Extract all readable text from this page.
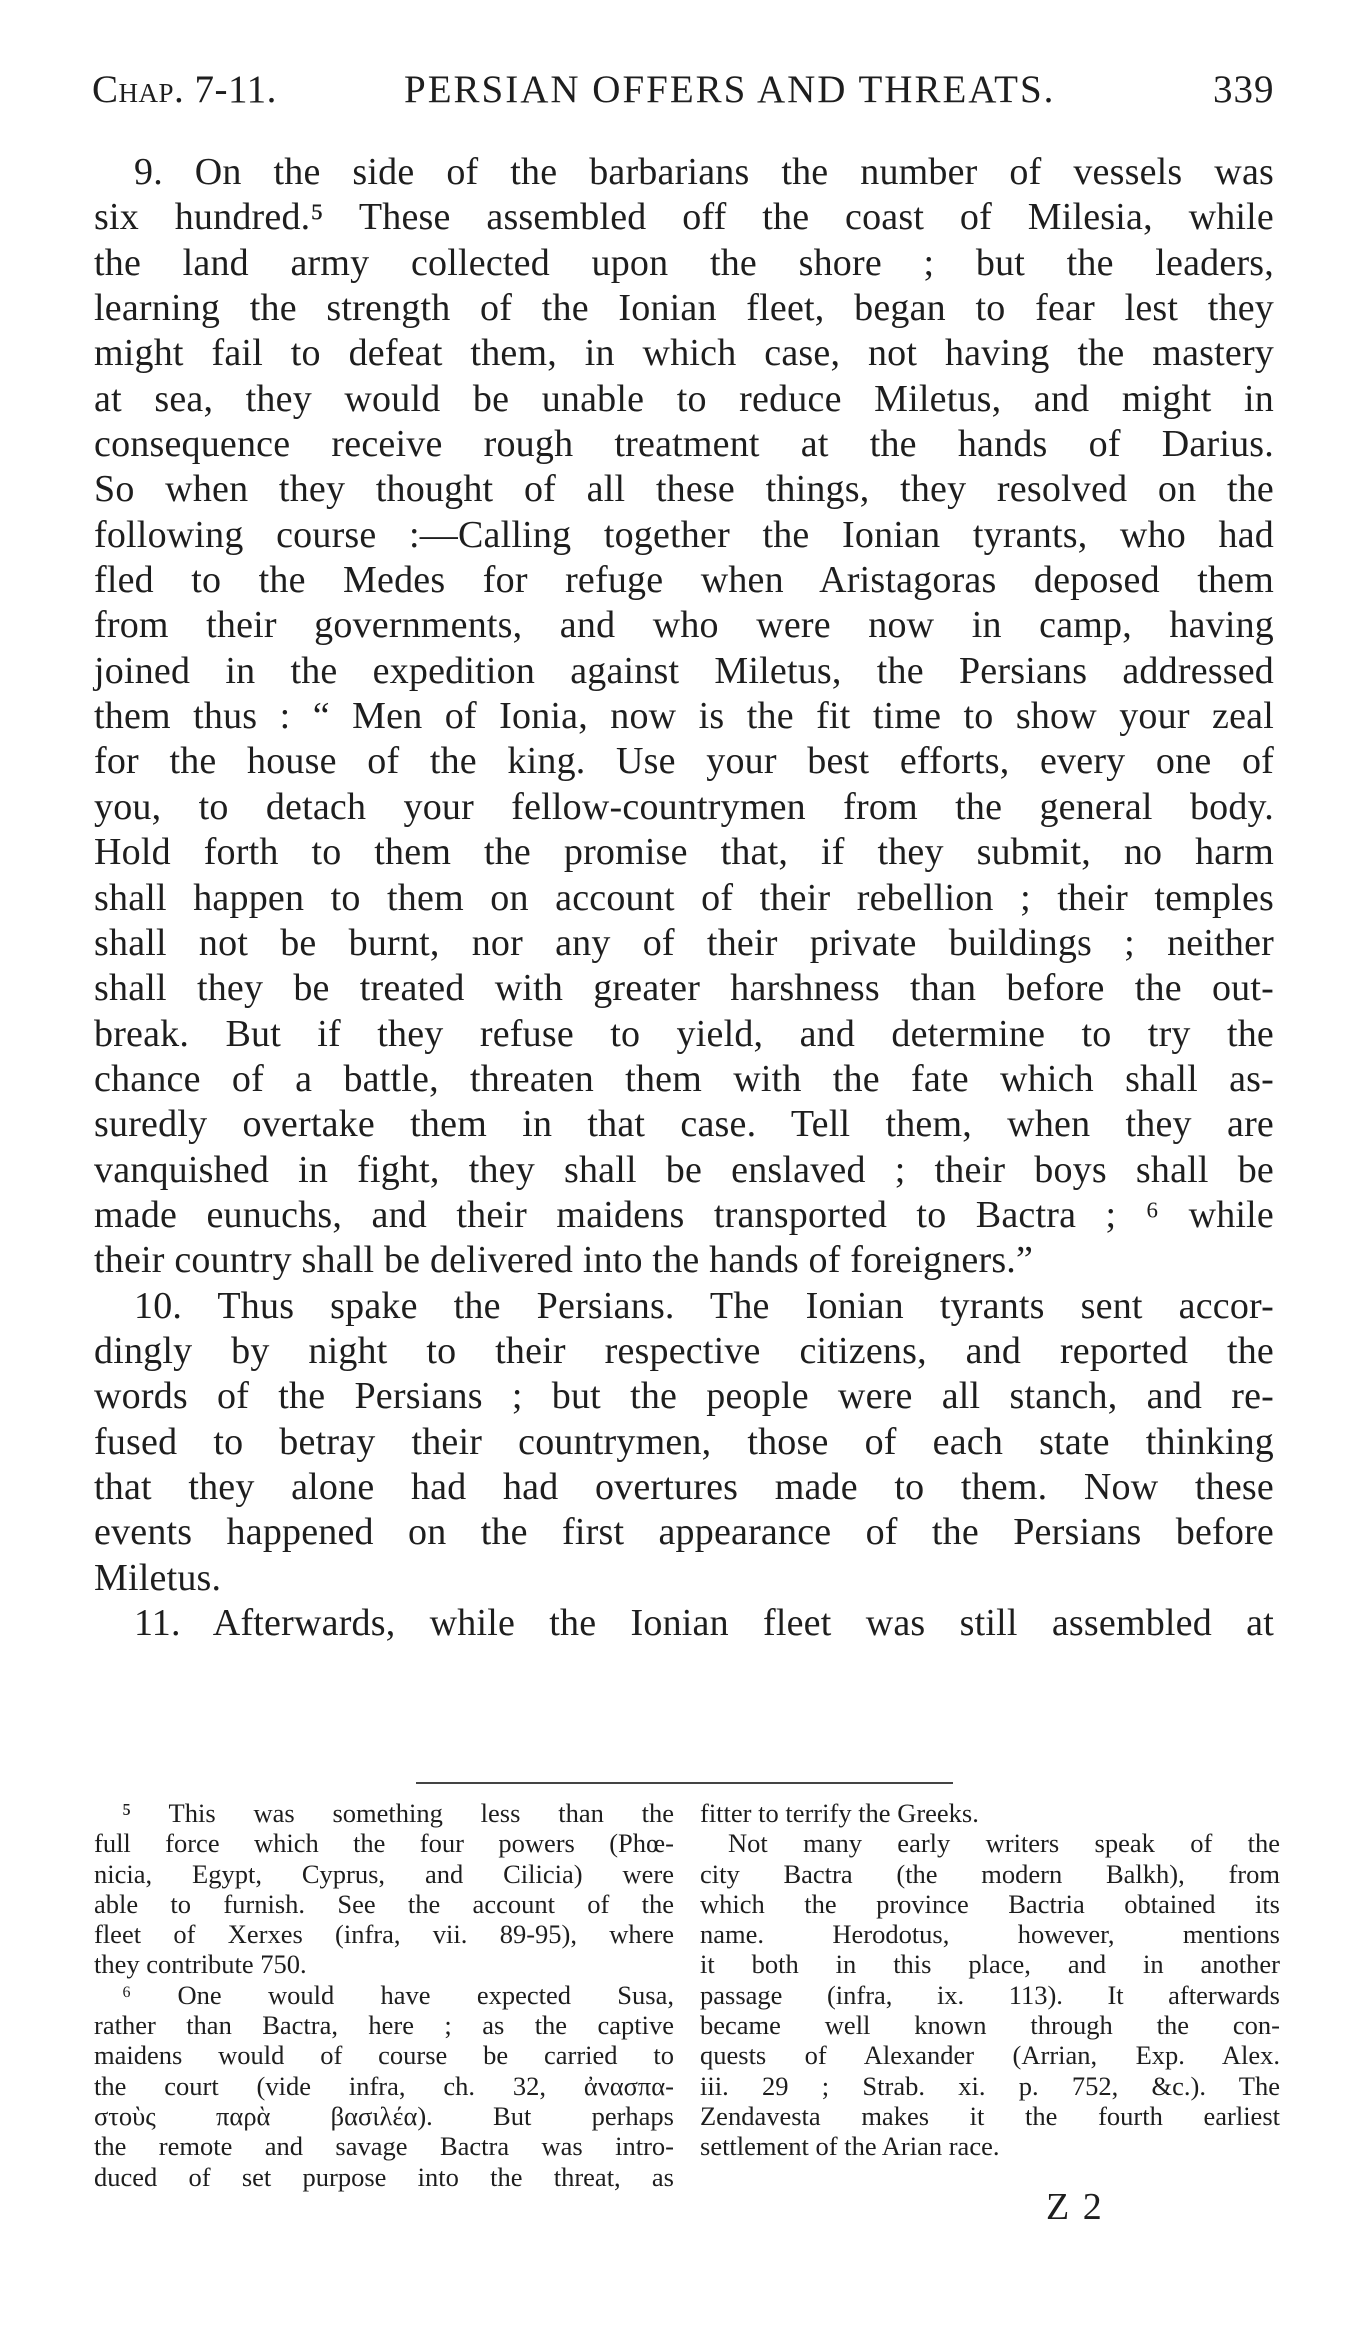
Chap. 7-11.	PERSIAN OFFERS AND THREATS.	339
9. On the side of the barbarians the number of vessels was
six hundred.⁵ These assembled off the coast of Milesia, while
the land army collected upon the shore ; but the leaders,
learning the strength of the Ionian fleet, began to fear lest they
might fail to defeat them, in which case, not having the mastery
at sea, they would be unable to reduce Miletus, and might in
consequence receive rough treatment at the hands of Darius.
So when they thought of all these things, they resolved on the
following course :—Calling together the Ionian tyrants, who had
fled to the Medes for refuge when Aristagoras deposed them
from their governments, and who were now in camp, having
joined in the expedition against Miletus, the Persians addressed
them thus : “ Men of Ionia, now is the fit time to show your zeal
for the house of the king. Use your best efforts, every one of
you, to detach your fellow-countrymen from the general body.
Hold forth to them the promise that, if they submit, no harm
shall happen to them on account of their rebellion ; their temples
shall not be burnt, nor any of their private buildings ; neither
shall they be treated with greater harshness than before the out-
break. But if they refuse to yield, and determine to try the
chance of a battle, threaten them with the fate which shall as-
suredly overtake them in that case. Tell them, when they are
vanquished in fight, they shall be enslaved ; their boys shall be
made eunuchs, and their maidens transported to Bactra ; ⁶ while
their country shall be delivered into the hands of foreigners.”
10. Thus spake the Persians. The Ionian tyrants sent accor-
dingly by night to their respective citizens, and reported the
words of the Persians ; but the people were all stanch, and re-
fused to betray their countrymen, those of each state thinking
that they alone had had overtures made to them. Now these
events happened on the first appearance of the Persians before
Miletus.
11. Afterwards, while the Ionian fleet was still assembled at
⁵ This was something less than the
full force which the four powers (Phœ-
nicia, Egypt, Cyprus, and Cilicia) were
able to furnish. See the account of the
fleet of Xerxes (infra, vii. 89-95), where
they contribute 750.
⁶ One would have expected Susa,
rather than Bactra, here ; as the captive
maidens would of course be carried to
the court (vide infra, ch. 32, ἀνασπα-
στοὺς παρὰ βασιλέα). But perhaps
the remote and savage Bactra was intro-
duced of set purpose into the threat, as
fitter to terrify the Greeks.
Not many early writers speak of the
city Bactra (the modern Balkh), from
which the province Bactria obtained its
name. Herodotus, however, mentions
it both in this place, and in another
passage (infra, ix. 113). It afterwards
became well known through the con-
quests of Alexander (Arrian, Exp. Alex.
iii. 29 ; Strab. xi. p. 752, &c.). The
Zendavesta makes it the fourth earliest
settlement of the Arian race.
Z 2
